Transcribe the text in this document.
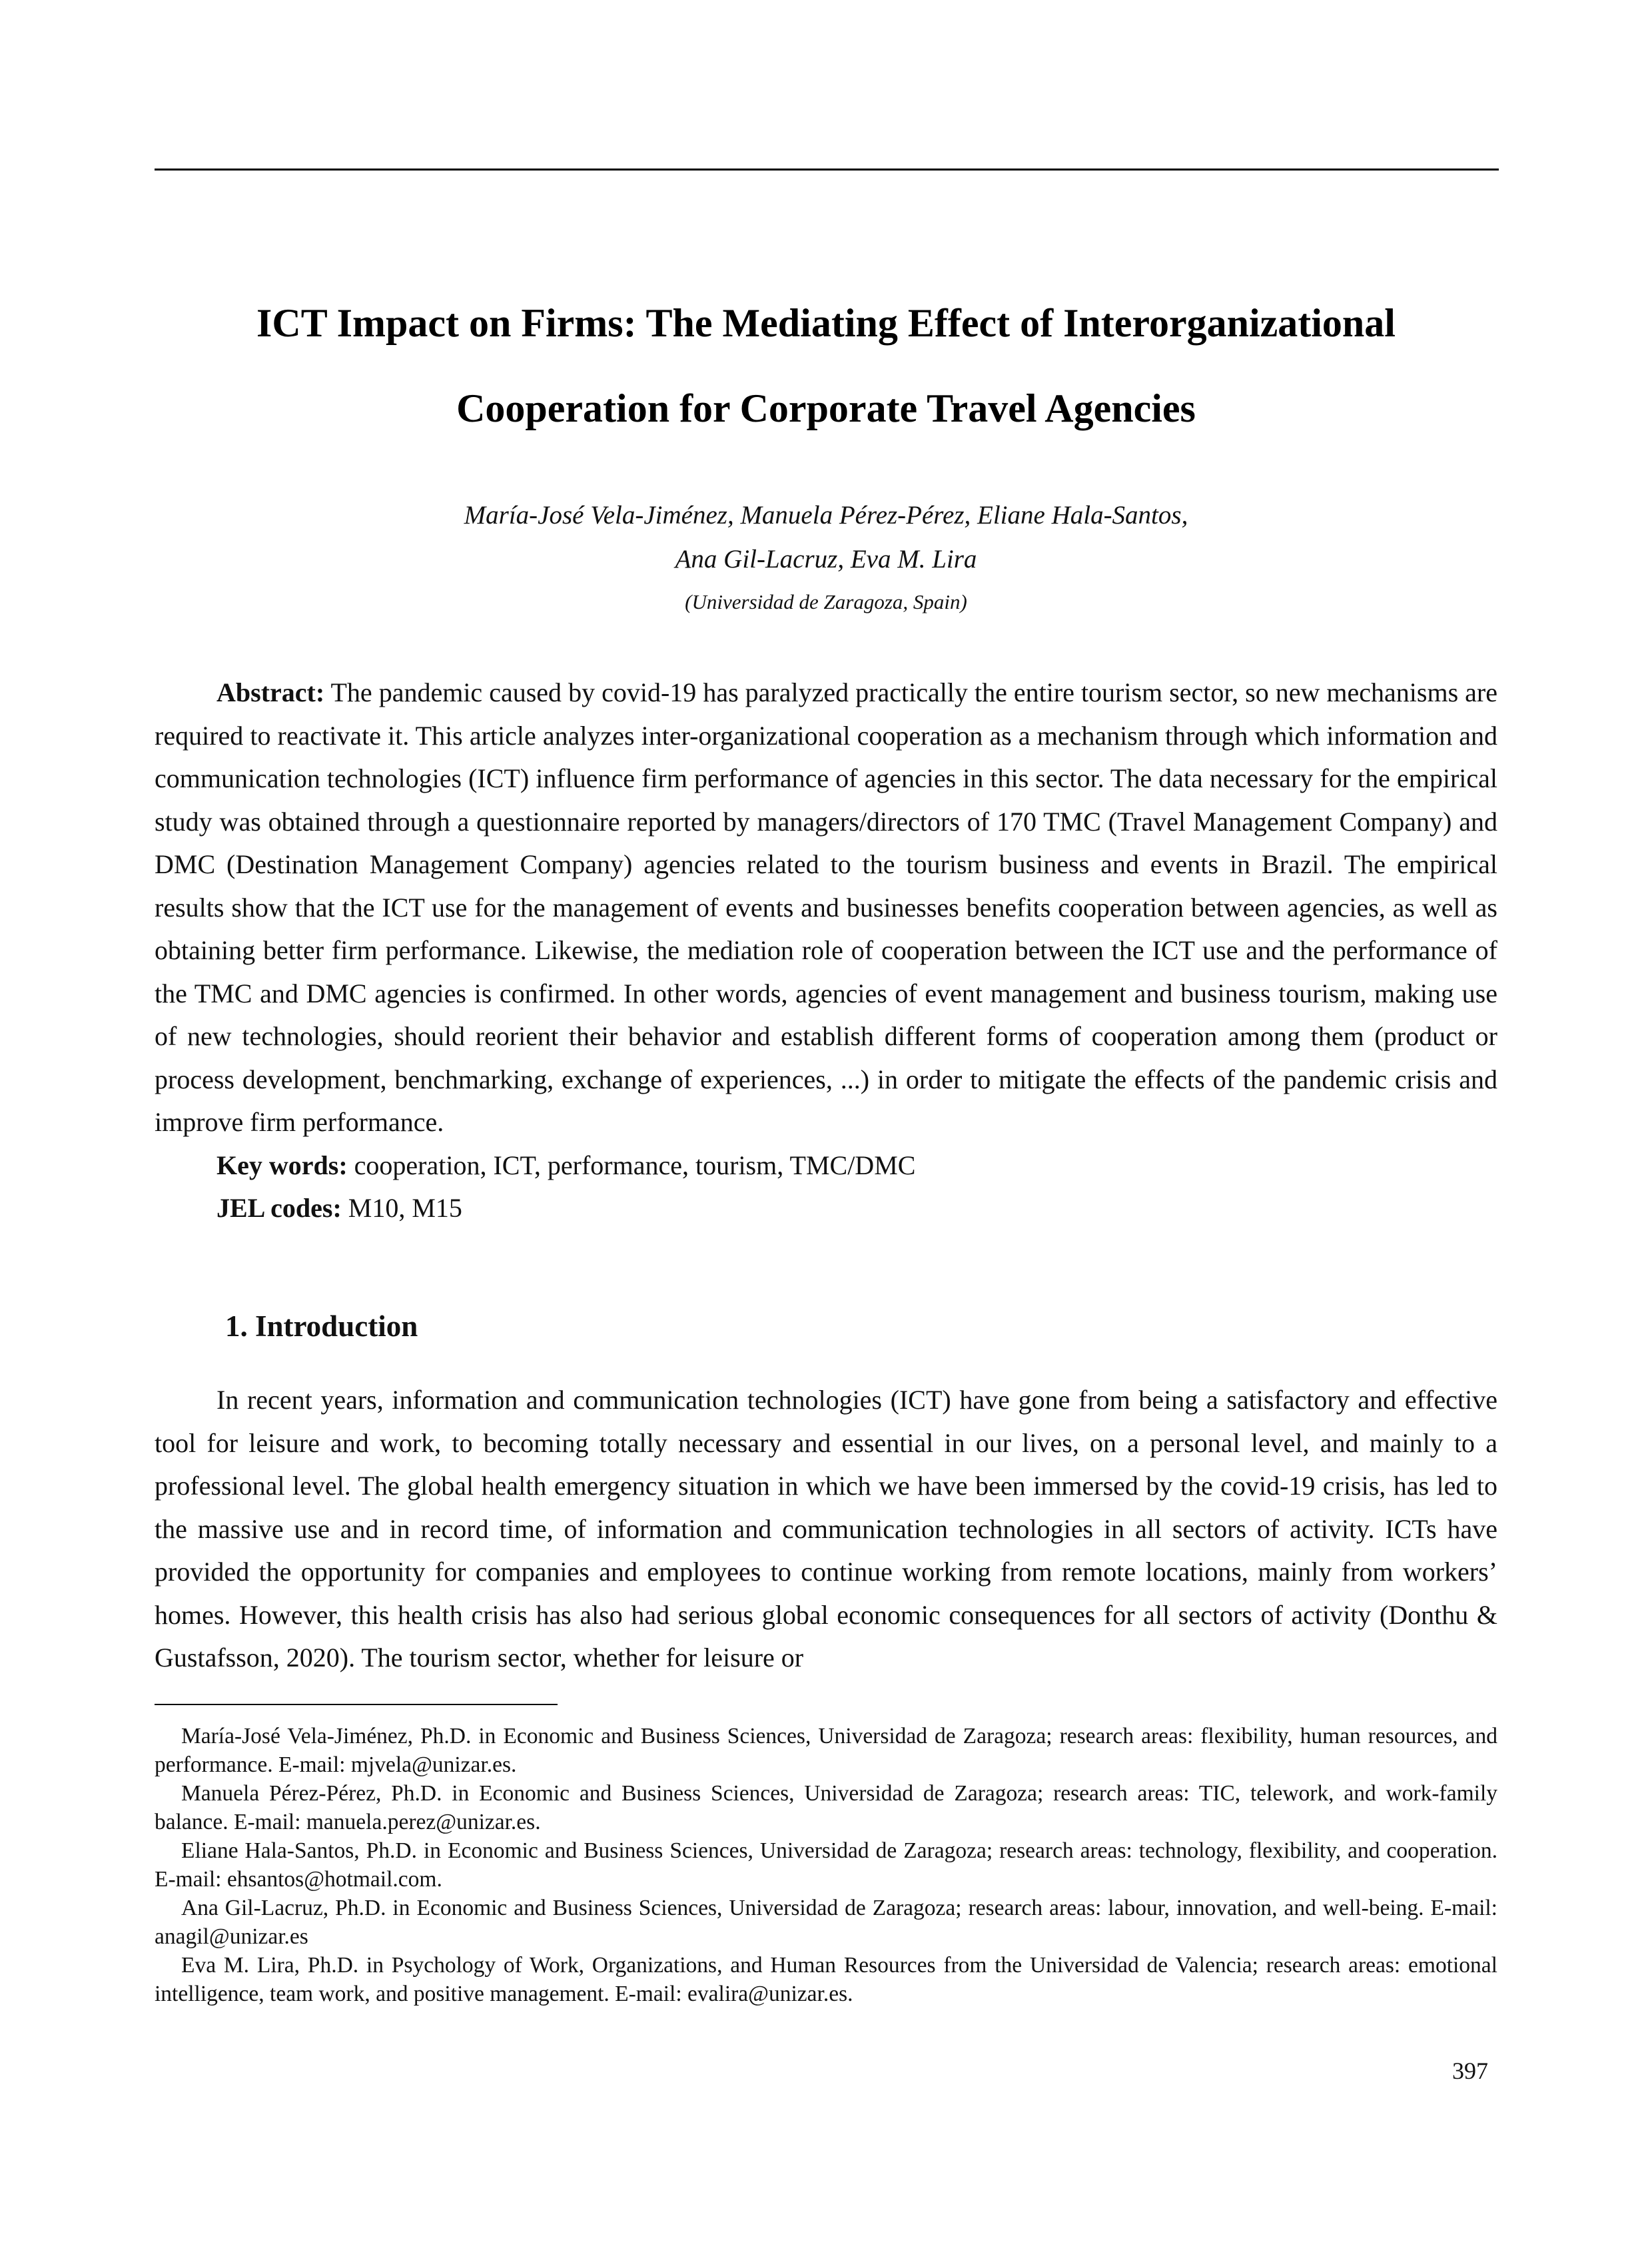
ICT Impact on Firms: The Mediating Effect of Interorganizational
Cooperation for Corporate Travel Agencies
María-José Vela-Jiménez, Manuela Pérez-Pérez, Eliane Hala-Santos,
Ana Gil-Lacruz, Eva M. Lira
(Universidad de Zaragoza, Spain)

Abstract: The pandemic caused by covid-19 has paralyzed practically the entire tourism sector, so new mechanisms are required to reactivate it. This article analyzes inter-organizational cooperation as a mechanism through which information and communication technologies (ICT) influence firm performance of agencies in this sector. The data necessary for the empirical study was obtained through a questionnaire reported by managers/directors of 170 TMC (Travel Management Company) and DMC (Destination Management Company) agencies related to the tourism business and events in Brazil. The empirical results show that the ICT use for the management of events and businesses benefits cooperation between agencies, as well as obtaining better firm performance. Likewise, the mediation role of cooperation between the ICT use and the performance of the TMC and DMC agencies is confirmed. In other words, agencies of event management and business tourism, making use of new technologies, should reorient their behavior and establish different forms of cooperation among them (product or process development, benchmarking, exchange of experiences, ...) in order to mitigate the effects of the pandemic crisis and improve firm performance.

Key words: cooperation, ICT, performance, tourism, TMC/DMC

JEL codes: M10, M15

1. Introduction

In recent years, information and communication technologies (ICT) have gone from being a satisfactory and effective tool for leisure and work, to becoming totally necessary and essential in our lives, on a personal level, and mainly to a professional level. The global health emergency situation in which we have been immersed by the covid-19 crisis, has led to the massive use and in record time, of information and communication technologies in all sectors of activity. ICTs have provided the opportunity for companies and employees to continue working from remote locations, mainly from workers’ homes. However, this health crisis has also had serious global economic consequences for all sectors of activity (Donthu & Gustafsson, 2020). The tourism sector, whether for leisure or

María-José Vela-Jiménez, Ph.D. in Economic and Business Sciences, Universidad de Zaragoza; research areas: flexibility, human resources, and performance. E-mail: mjvela@unizar.es.

Manuela Pérez-Pérez, Ph.D. in Economic and Business Sciences, Universidad de Zaragoza; research areas: TIC, telework, and work-family balance. E-mail: manuela.perez@unizar.es.

Eliane Hala-Santos, Ph.D. in Economic and Business Sciences, Universidad de Zaragoza; research areas: technology, flexibility, and cooperation. E-mail: ehsantos@hotmail.com.

Ana Gil-Lacruz, Ph.D. in Economic and Business Sciences, Universidad de Zaragoza; research areas: labour, innovation, and well-being. E-mail: anagil@unizar.es

Eva M. Lira, Ph.D. in Psychology of Work, Organizations, and Human Resources from the Universidad de Valencia; research areas: emotional intelligence, team work, and positive management. E-mail: evalira@unizar.es.

397
